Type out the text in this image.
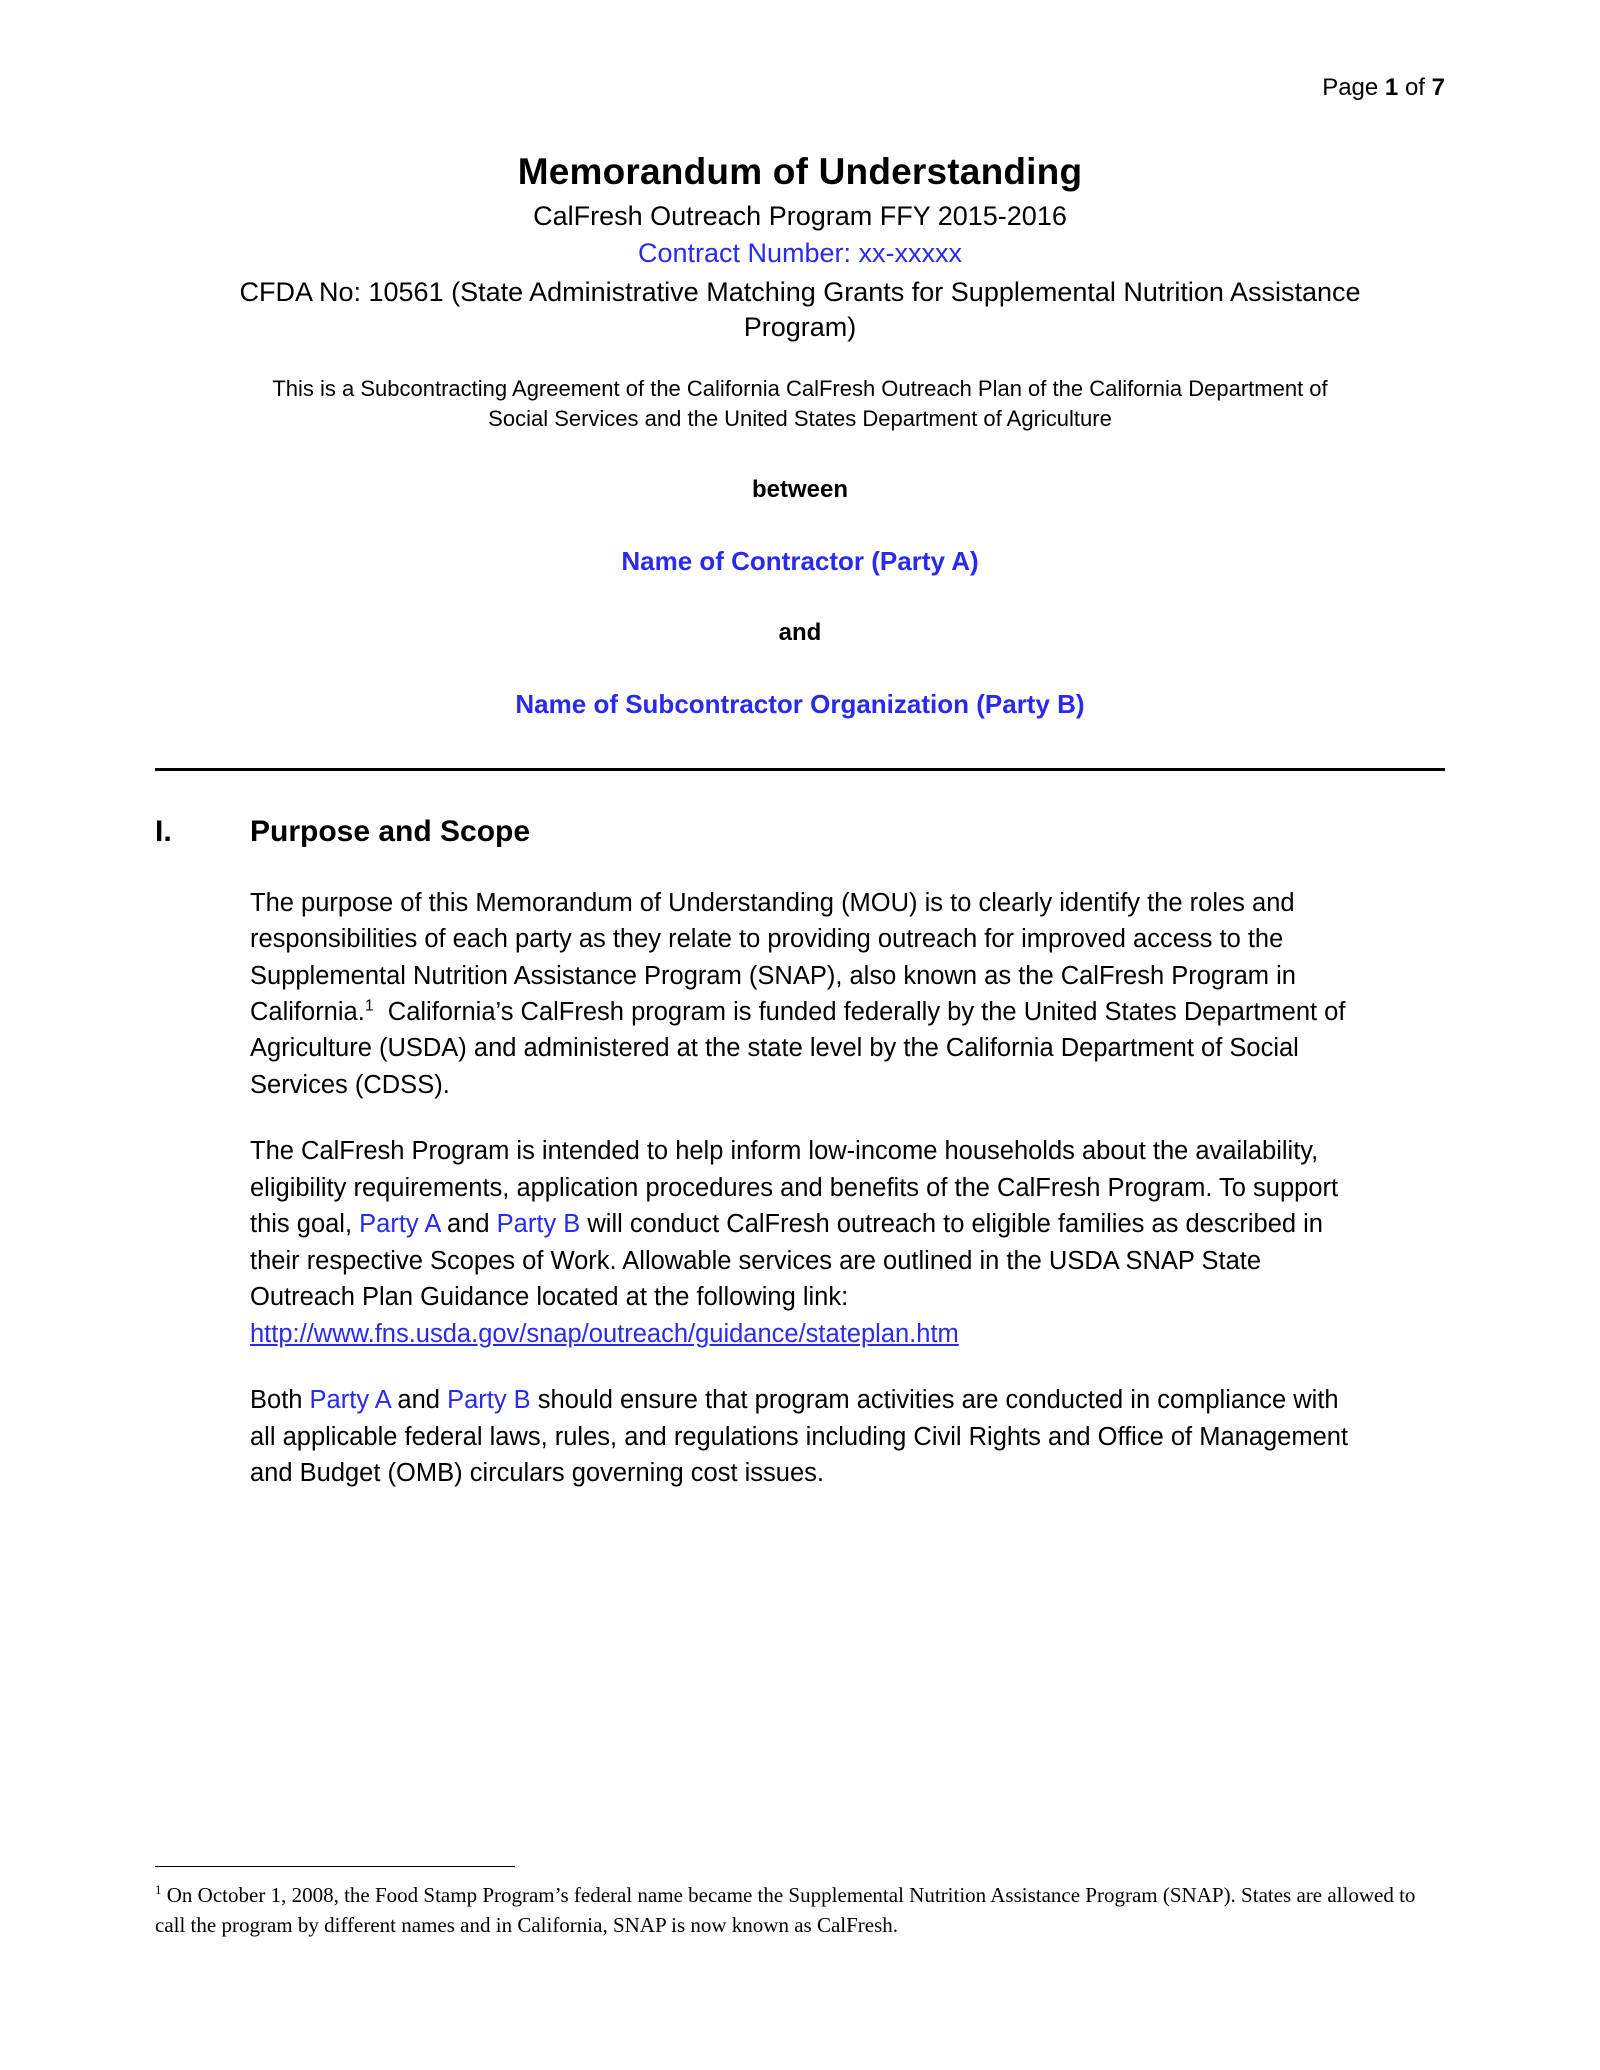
Page 1 of 7
Memorandum of Understanding
CalFresh Outreach Program FFY 2015-2016
Contract Number: xx-xxxxx
CFDA No: 10561 (State Administrative Matching Grants for Supplemental Nutrition Assistance Program)
This is a Subcontracting Agreement of the California CalFresh Outreach Plan of the California Department of Social Services and the United States Department of Agriculture
between
Name of Contractor (Party A)
and
Name of Subcontractor Organization (Party B)
I.	Purpose and Scope

The purpose of this Memorandum of Understanding (MOU) is to clearly identify the roles and responsibilities of each party as they relate to providing outreach for improved access to the Supplemental Nutrition Assistance Program (SNAP), also known as the CalFresh Program in California.$^1$ California’s CalFresh program is funded federally by the United States Department of Agriculture (USDA) and administered at the state level by the California Department of Social Services (CDSS).

The CalFresh Program is intended to help inform low-income households about the availability, eligibility requirements, application procedures and benefits of the CalFresh Program. To support this goal, Party A and Party B will conduct CalFresh outreach to eligible families as described in their respective Scopes of Work. Allowable services are outlined in the USDA SNAP State Outreach Plan Guidance located at the following link:
http://www.fns.usda.gov/snap/outreach/guidance/stateplan.htm

Both Party A and Party B should ensure that program activities are conducted in compliance with all applicable federal laws, rules, and regulations including Civil Rights and Office of Management and Budget (OMB) circulars governing cost issues.

$^1$ On October 1, 2008, the Food Stamp Program’s federal name became the Supplemental Nutrition Assistance Program (SNAP). States are allowed to call the program by different names and in California, SNAP is now known as CalFresh.
